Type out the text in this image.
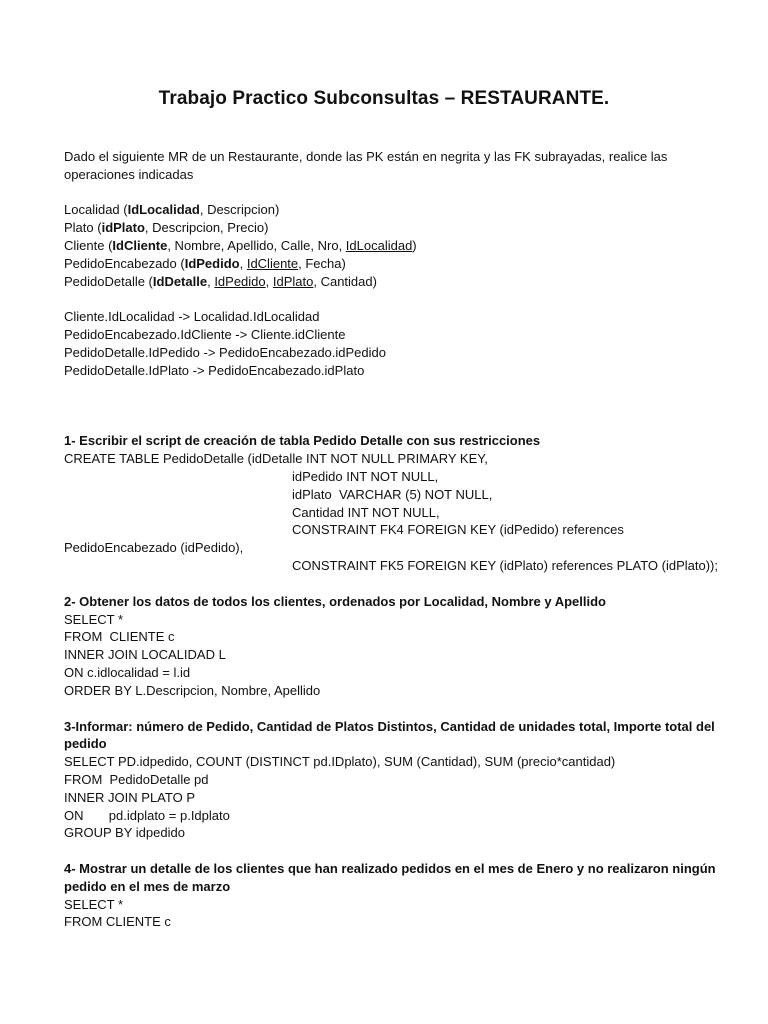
Trabajo Practico Subconsultas – RESTAURANTE.
Dado el siguiente MR de un Restaurante, donde las PK están en negrita y las FK subrayadas, realice las operaciones indicadas
Localidad (IdLocalidad, Descripcion)
Plato (idPlato, Descripcion, Precio)
Cliente (IdCliente, Nombre, Apellido, Calle, Nro, IdLocalidad)
PedidoEncabezado (IdPedido, IdCliente, Fecha)
PedidoDetalle (IdDetalle, IdPedido, IdPlato, Cantidad)
Cliente.IdLocalidad -> Localidad.IdLocalidad
PedidoEncabezado.IdCliente -> Cliente.idCliente
PedidoDetalle.IdPedido -> PedidoEncabezado.idPedido
PedidoDetalle.IdPlato -> PedidoEncabezado.idPlato
1- Escribir el script de creación de tabla Pedido Detalle con sus restricciones
CREATE TABLE PedidoDetalle (idDetalle INT NOT NULL PRIMARY KEY,
idPedido INT NOT NULL,
idPlato  VARCHAR (5) NOT NULL,
Cantidad INT NOT NULL,
CONSTRAINT FK4 FOREIGN KEY (idPedido) references
PedidoEncabezado (idPedido),
CONSTRAINT FK5 FOREIGN KEY (idPlato) references PLATO (idPlato));
2- Obtener los datos de todos los clientes, ordenados por Localidad, Nombre y Apellido
SELECT *
FROM  CLIENTE c
INNER JOIN LOCALIDAD L
ON c.idlocalidad = l.id
ORDER BY L.Descripcion, Nombre, Apellido
3-Informar: número de Pedido, Cantidad de Platos Distintos, Cantidad de unidades total, Importe total del pedido
SELECT PD.idpedido, COUNT (DISTINCT pd.IDplato), SUM (Cantidad), SUM (precio*cantidad)
FROM  PedidoDetalle pd
INNER JOIN PLATO P
ON       pd.idplato = p.Idplato
GROUP BY idpedido
4- Mostrar un detalle de los clientes que han realizado pedidos en el mes de Enero y no realizaron ningún pedido en el mes de marzo
SELECT *
FROM CLIENTE c
